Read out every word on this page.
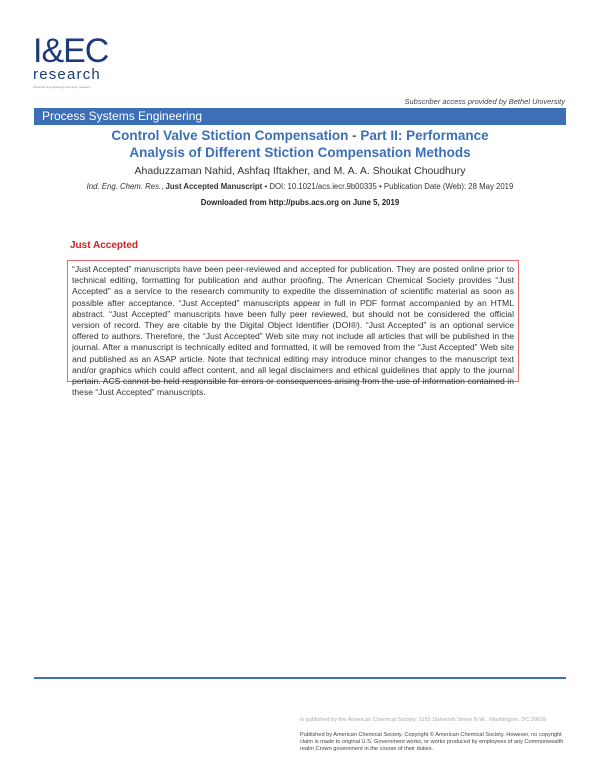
I&EC
research
industrial & engineering chemistry research
Subscriber access provided by Bethel University
Process Systems Engineering
Control Valve Stiction Compensation - Part II: Performance
Analysis of Different Stiction Compensation Methods
Ahaduzzaman Nahid, Ashfaq Iftakher, and M. A. A. Shoukat Choudhury
Ind. Eng. Chem. Res., Just Accepted Manuscript • DOI: 10.1021/acs.iecr.9b00335 • Publication Date (Web): 28 May 2019
Downloaded from http://pubs.acs.org on June 5, 2019
Just Accepted

“Just Accepted” manuscripts have been peer-reviewed and accepted for publication. They are posted online prior to technical editing, formatting for publication and author proofing. The American Chemical Society provides “Just Accepted” as a service to the research community to expedite the dissemination of scientific material as soon as possible after acceptance. “Just Accepted” manuscripts appear in full in PDF format accompanied by an HTML abstract. “Just Accepted” manuscripts have been fully peer reviewed, but should not be considered the official version of record. They are citable by the Digital Object Identifier (DOI®). “Just Accepted” is an optional service offered to authors. Therefore, the “Just Accepted” Web site may not include all articles that will be published in the journal. After a manuscript is technically edited and formatted, it will be removed from the “Just Accepted” Web site and published as an ASAP article. Note that technical editing may introduce minor changes to the manuscript text and/or graphics which could affect content, and all legal disclaimers and ethical guidelines that apply to the journal pertain. ACS cannot be held responsible for errors or consequences arising from the use of information contained in these “Just Accepted” manuscripts.

is published by the American Chemical Society. 1155 Sixteenth Street N.W., Washington, DC 20036
Published by American Chemical Society. Copyright © American Chemical Society. However, no copyright claim is made to original U.S. Government works, or works produced by employees of any Commonwealth realm Crown government in the course of their duties.
